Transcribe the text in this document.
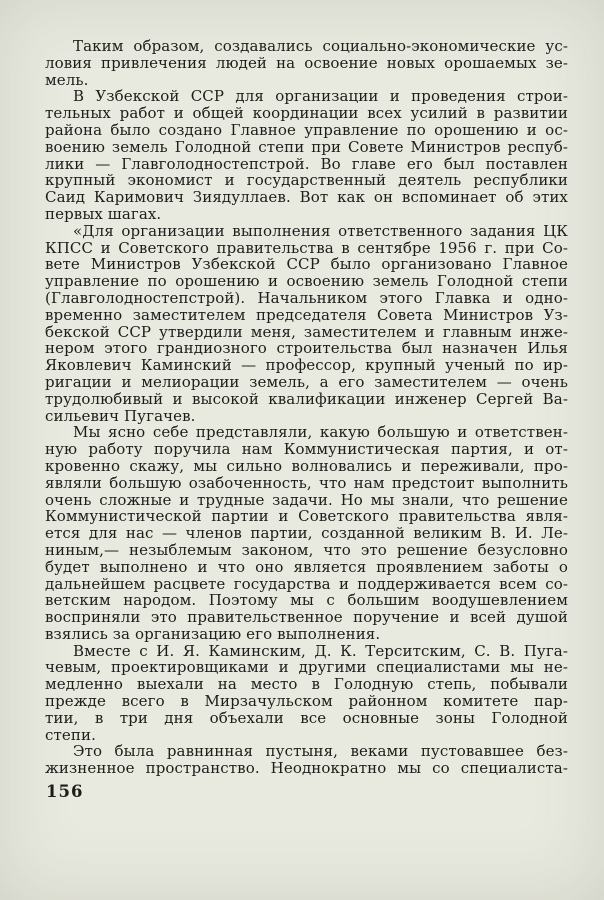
Таким образом, создавались социально-экономические ус-
ловия привлечения людей на освоение новых орошаемых зе-
мель.

В Узбекской ССР для организации и проведения строи-
тельных работ и общей координации всех усилий в развитии
района было создано Главное управление по орошению и ос-
воению земель Голодной степи при Совете Министров респуб-
лики — Главголодностепстрой. Во главе его был поставлен
крупный экономист и государственный деятель республики
Саид Каримович Зиядуллаев. Вот как он вспоминает об этих
первых шагах.

«Для организации выполнения ответственного задания ЦК
КПСС и Советского правительства в сентябре 1956 г. при Со-
вете Министров Узбекской ССР было организовано Главное
управление по орошению и освоению земель Голодной степи
(Главголодностепстрой). Начальником этого Главка и одно-
временно заместителем председателя Совета Министров Уз-
бекской ССР утвердили меня, заместителем и главным инже-
нером этого грандиозного строительства был назначен Илья
Яковлевич Каминский — профессор, крупный ученый по ир-
ригации и мелиорации земель, а его заместителем — очень
трудолюбивый и высокой квалификации инженер Сергей Ва-
сильевич Пугачев.

Мы ясно себе представляли, какую большую и ответствен-
ную работу поручила нам Коммунистическая партия, и от-
кровенно скажу, мы сильно волновались и переживали, про-
являли большую озабоченность, что нам предстоит выполнить
очень сложные и трудные задачи. Но мы знали, что решение
Коммунистической партии и Советского правительства явля-
ется для нас — членов партии, созданной великим В. И. Ле-
ниным,— незыблемым законом, что это решение безусловно
будет выполнено и что оно является проявлением заботы о
дальнейшем расцвете государства и поддерживается всем со-
ветским народом. Поэтому мы с большим воодушевлением
восприняли это правительственное поручение и всей душой
взялись за организацию его выполнения.

Вместе с И. Я. Каминским, Д. К. Терситским, С. В. Пуга-
чевым, проектировщиками и другими специалистами мы не-
медленно выехали на место в Голодную степь, побывали
прежде всего в Мирзачульском районном комитете пар-
тии, в три дня объехали все основные зоны Голодной
степи.

Это была равнинная пустыня, веками пустовавшее без-
жизненное пространство. Неоднократно мы со специалиста-

156
